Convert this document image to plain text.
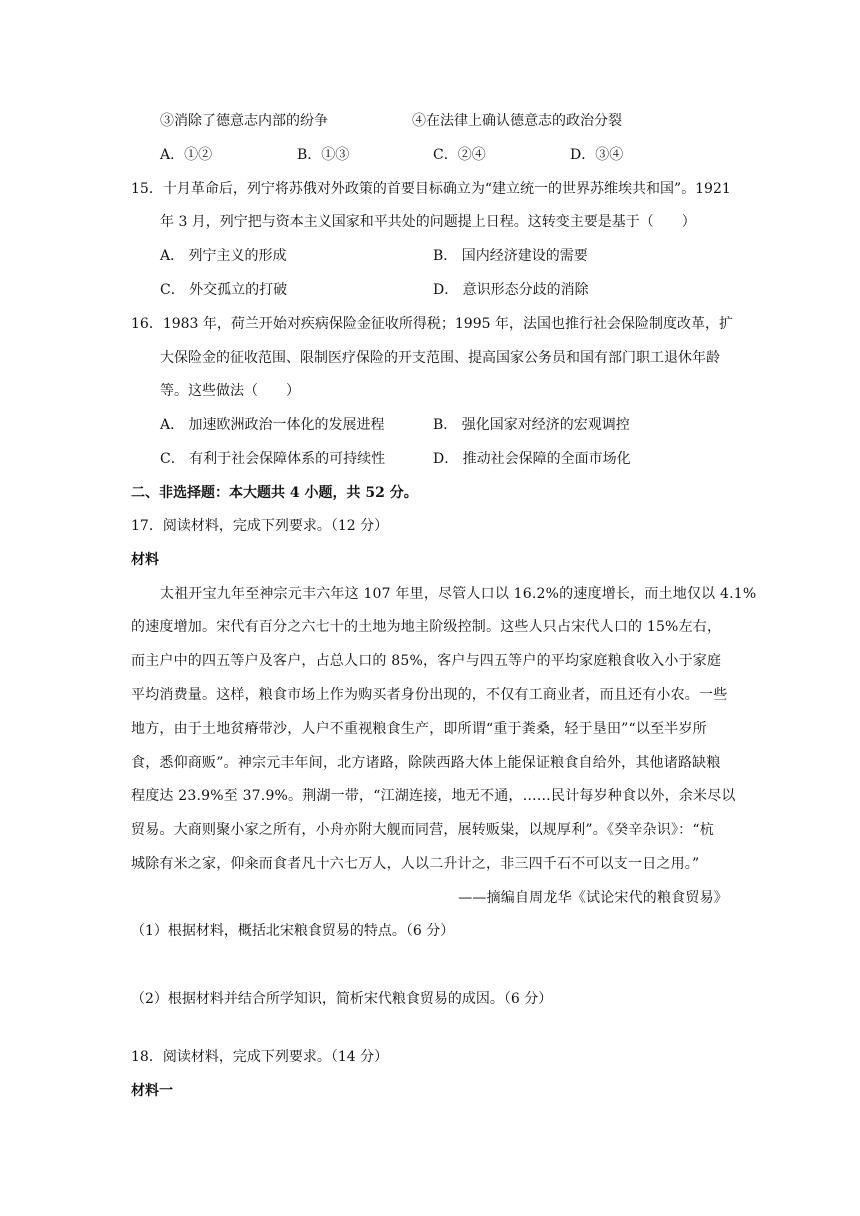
③消除了德意志内部的纷争	④在法律上确认德意志的政治分裂
A．①②	B．①③	C．②④	D．③④
15．十月革命后，列宁将苏俄对外政策的首要目标确立为“建立统一的世界苏维埃共和国”。1921
年 3 月，列宁把与资本主义国家和平共处的问题提上日程。这转变主要是基于（　　）
A． 列宁主义的形成	B． 国内经济建设的需要
C． 外交孤立的打破	D． 意识形态分歧的消除
16．1983 年，荷兰开始对疾病保险金征收所得税；1995 年，法国也推行社会保险制度改革，扩
大保险金的征收范围、限制医疗保险的开支范围、提高国家公务员和国有部门职工退休年龄
等。这些做法（　　）
A． 加速欧洲政治一体化的发展进程	B． 强化国家对经济的宏观调控
C． 有利于社会保障体系的可持续性	D． 推动社会保障的全面市场化
二、非选择题：本大题共 4 小题，共 52 分。
17．阅读材料，完成下列要求。（12 分）
材料
太祖开宝九年至神宗元丰六年这 107 年里，尽管人口以 16.2%的速度增长，而土地仅以 4.1%
的速度增加。宋代有百分之六七十的土地为地主阶级控制。这些人只占宋代人口的 15%左右，
而主户中的四五等户及客户，占总人口的 85%，客户与四五等户的平均家庭粮食收入小于家庭
平均消费量。这样，粮食市场上作为购买者身份出现的，不仅有工商业者，而且还有小农。一些
地方，由于土地贫瘠带沙，人户不重视粮食生产，即所谓“重于粪桑，轻于垦田”“以至半岁所
食，悉仰商贩”。神宗元丰年间，北方诸路，除陕西路大体上能保证粮食自给外，其他诸路缺粮
程度达 23.9%至 37.9%。荆湖一带，“江湖连接，地无不通，……民计每岁种食以外，余米尽以
贸易。大商则聚小家之所有，小舟亦附大舰而同营，展转贩粜，以规厚利”。《癸辛杂识》：“杭
城除有米之家，仰籴而食者凡十六七万人，人以二升计之，非三四千石不可以支一日之用。”
——摘编自周龙华《试论宋代的粮食贸易》
（1）根据材料，概括北宋粮食贸易的特点。（6 分）
（2）根据材料并结合所学知识，简析宋代粮食贸易的成因。（6 分）
18．阅读材料，完成下列要求。（14 分）
材料一
